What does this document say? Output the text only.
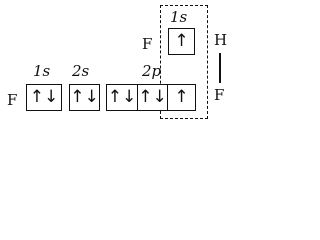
1s
F	↑	H
F
1s 2s	2p
F ↑↓ ↑↓ ↑↓ ↑↓ ↑
